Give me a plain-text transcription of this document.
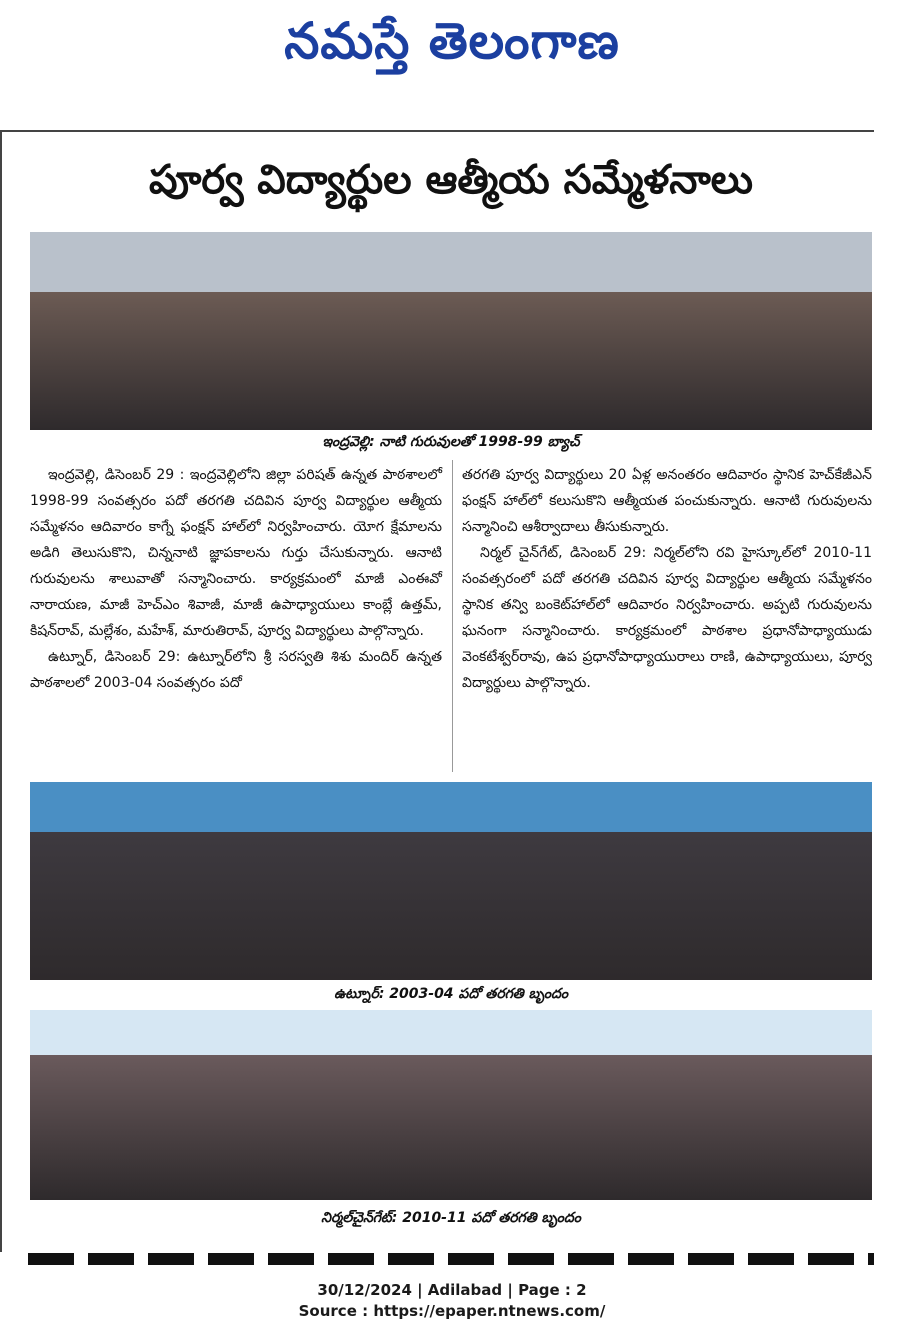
నమస్తే తెలంగాణ
పూర్వ విద్యార్థుల ఆత్మీయ సమ్మేళనాలు
ఇంద్రవెల్లి: నాటి గురువులతో 1998-99 బ్యాచ్

ఇంద్రవెల్లి, డిసెంబర్ 29 : ఇంద్రవెల్లిలోని జిల్లా పరిషత్ ఉన్నత పాఠశాలలో 1998-99 సంవత్సరం పదో తరగతి చదివిన పూర్వ విద్యార్థుల ఆత్మీయ సమ్మేళనం ఆదివారం కాగ్నే ఫంక్షన్ హాల్‌లో నిర్వహించారు. యోగ క్షేమాలను అడిగి తెలుసుకొని, చిన్ననాటి జ్ఞాపకాలను గుర్తు చేసుకున్నారు. ఆనాటి గురువులను శాలువాతో సన్మానించారు. కార్యక్రమంలో మాజీ ఎంఈవో నారాయణ, మాజీ హెచ్‌ఎం శివాజీ, మాజీ ఉపాధ్యాయులు కాంబ్లే ఉత్తమ్, కిషన్‌రావ్, మల్లేశం, మహేశ్, మారుతిరావ్, పూర్వ విద్యార్థులు పాల్గొన్నారు.

ఉట్నూర్, డిసెంబర్ 29: ఉట్నూర్‌లోని శ్రీ సరస్వతి శిశు మందిర్ ఉన్నత పాఠశాలలో 2003-04 సంవత్సరం పదో

తరగతి పూర్వ విద్యార్థులు 20 ఏళ్ల అనంతరం ఆదివారం స్థానిక హెచ్‌కేజీఎన్ ఫంక్షన్ హాల్‌లో కలుసుకొని ఆత్మీయత పంచుకున్నారు. ఆనాటి గురువులను సన్మానించి ఆశీర్వాదాలు తీసుకున్నారు.

నిర్మల్ చైన్‌గేట్, డిసెంబర్ 29: నిర్మల్‌లోని రవి హైస్కూల్‌లో 2010-11 సంవత్సరంలో పదో తరగతి చదివిన పూర్వ విద్యార్థుల ఆత్మీయ సమ్మేళనం స్థానిక తన్వి బంకెట్‌హాల్‌లో ఆదివారం నిర్వహించారు. అప్పటి గురువులను ఘనంగా సన్మానించారు. కార్యక్రమంలో పాఠశాల ప్రధానోపాధ్యాయుడు వెంకటేశ్వర్‌రావు, ఉప ప్రధానోపాధ్యాయురాలు రాణి, ఉపాధ్యాయులు, పూర్వ విద్యార్థులు పాల్గొన్నారు.

ఉట్నూర్: 2003-04 పదో తరగతి బృందం
నిర్మల్‌చైన్‌గేట్: 2010-11 పదో తరగతి బృందం
30/12/2024 | Adilabad | Page : 2
Source : https://epaper.ntnews.com/
